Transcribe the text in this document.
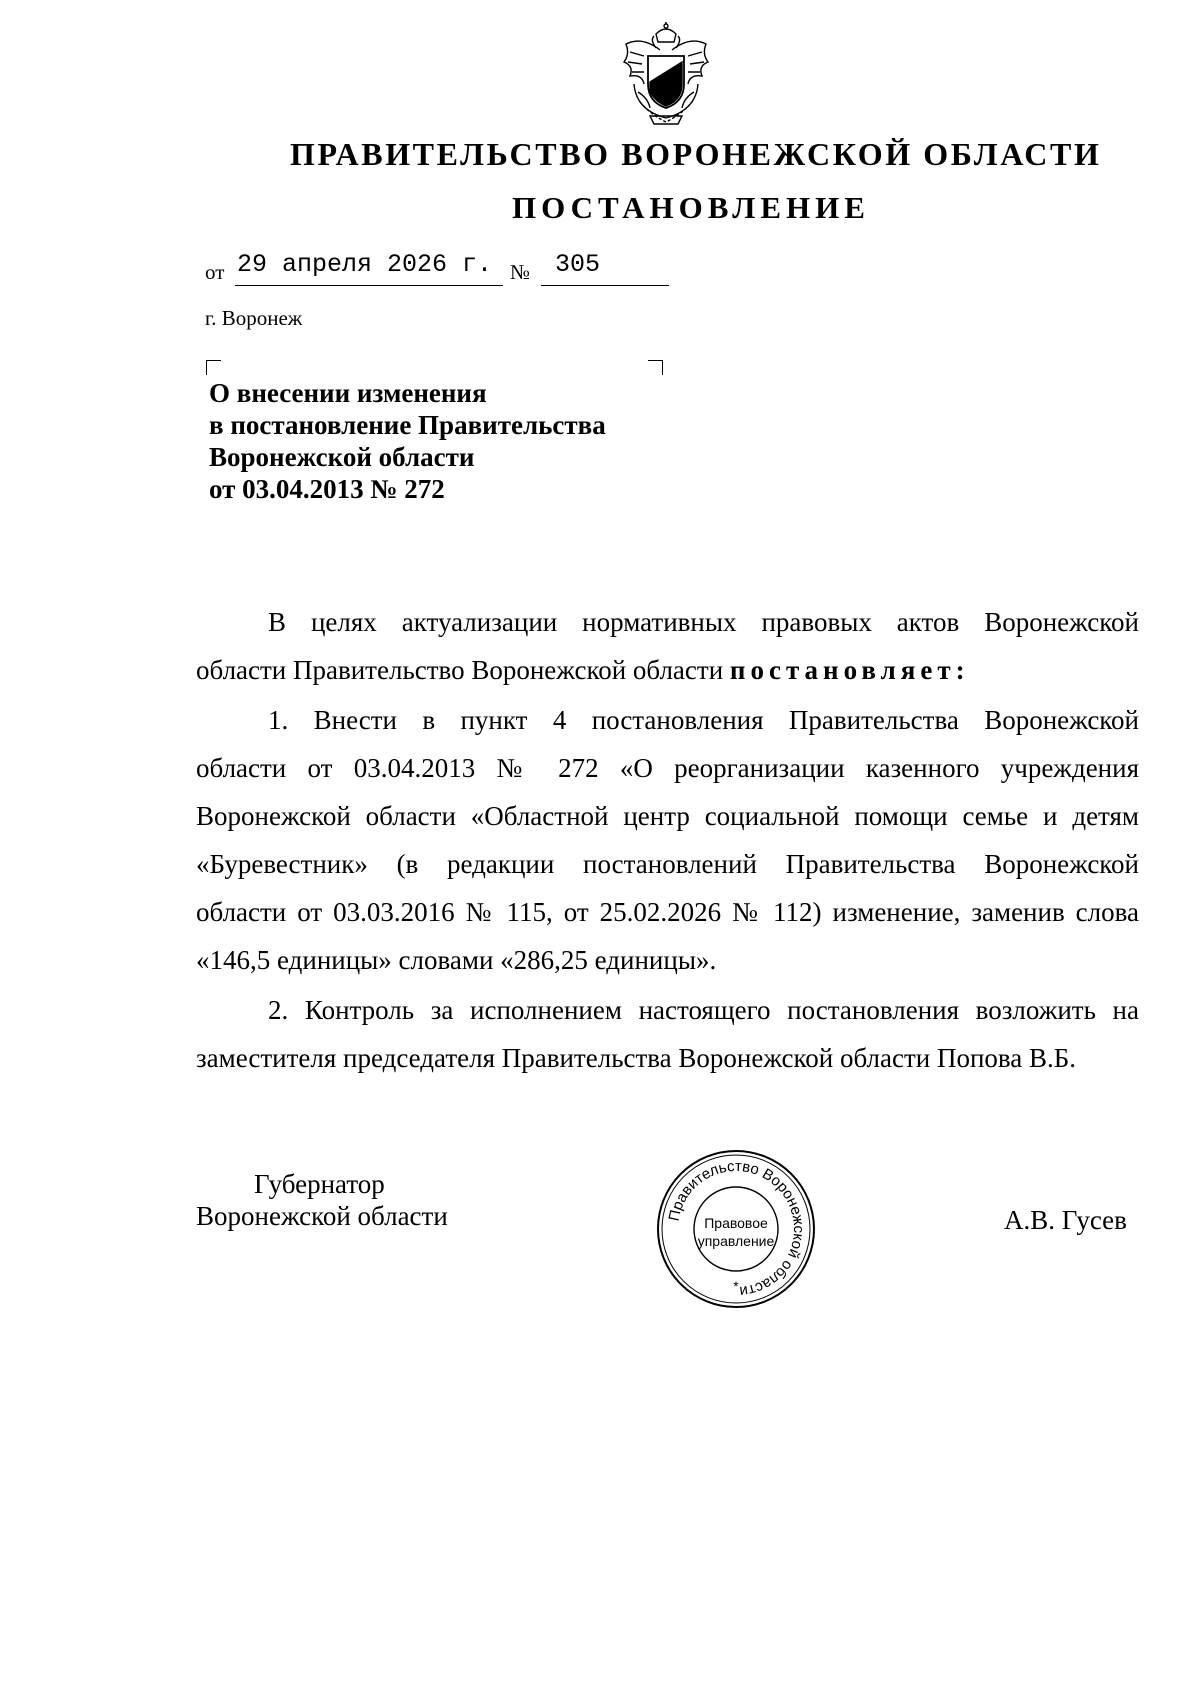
ПРАВИТЕЛЬСТВО ВОРОНЕЖСКОЙ ОБЛАСТИ
ПОСТАНОВЛЕНИЕ
от 29 апреля 2026 г. № 305
г. Воронеж
О внесении изменения
в постановление Правительства
Воронежской области
от 03.04.2013 № 272
В целях актуализации нормативных правовых актов Воронежской
области Правительство Воронежской области постановляет:
1. Внести в пункт 4 постановления Правительства Воронежской
области от 03.04.2013 № 272 «О реорганизации казенного учреждения
Воронежской области «Областной центр социальной помощи семье и детям
«Буревестник» (в редакции постановлений Правительства Воронежской
области от 03.03.2016 № 115, от 25.02.2026 № 112) изменение, заменив слова
«146,5 единицы» словами «286,25 единицы».
2. Контроль за исполнением настоящего постановления возложить на
заместителя председателя Правительства Воронежской области Попова В.Б.
Губернатор
Воронежской области	А.В. Гусев
Правительство Воронежской области
Правовое
управление
*
